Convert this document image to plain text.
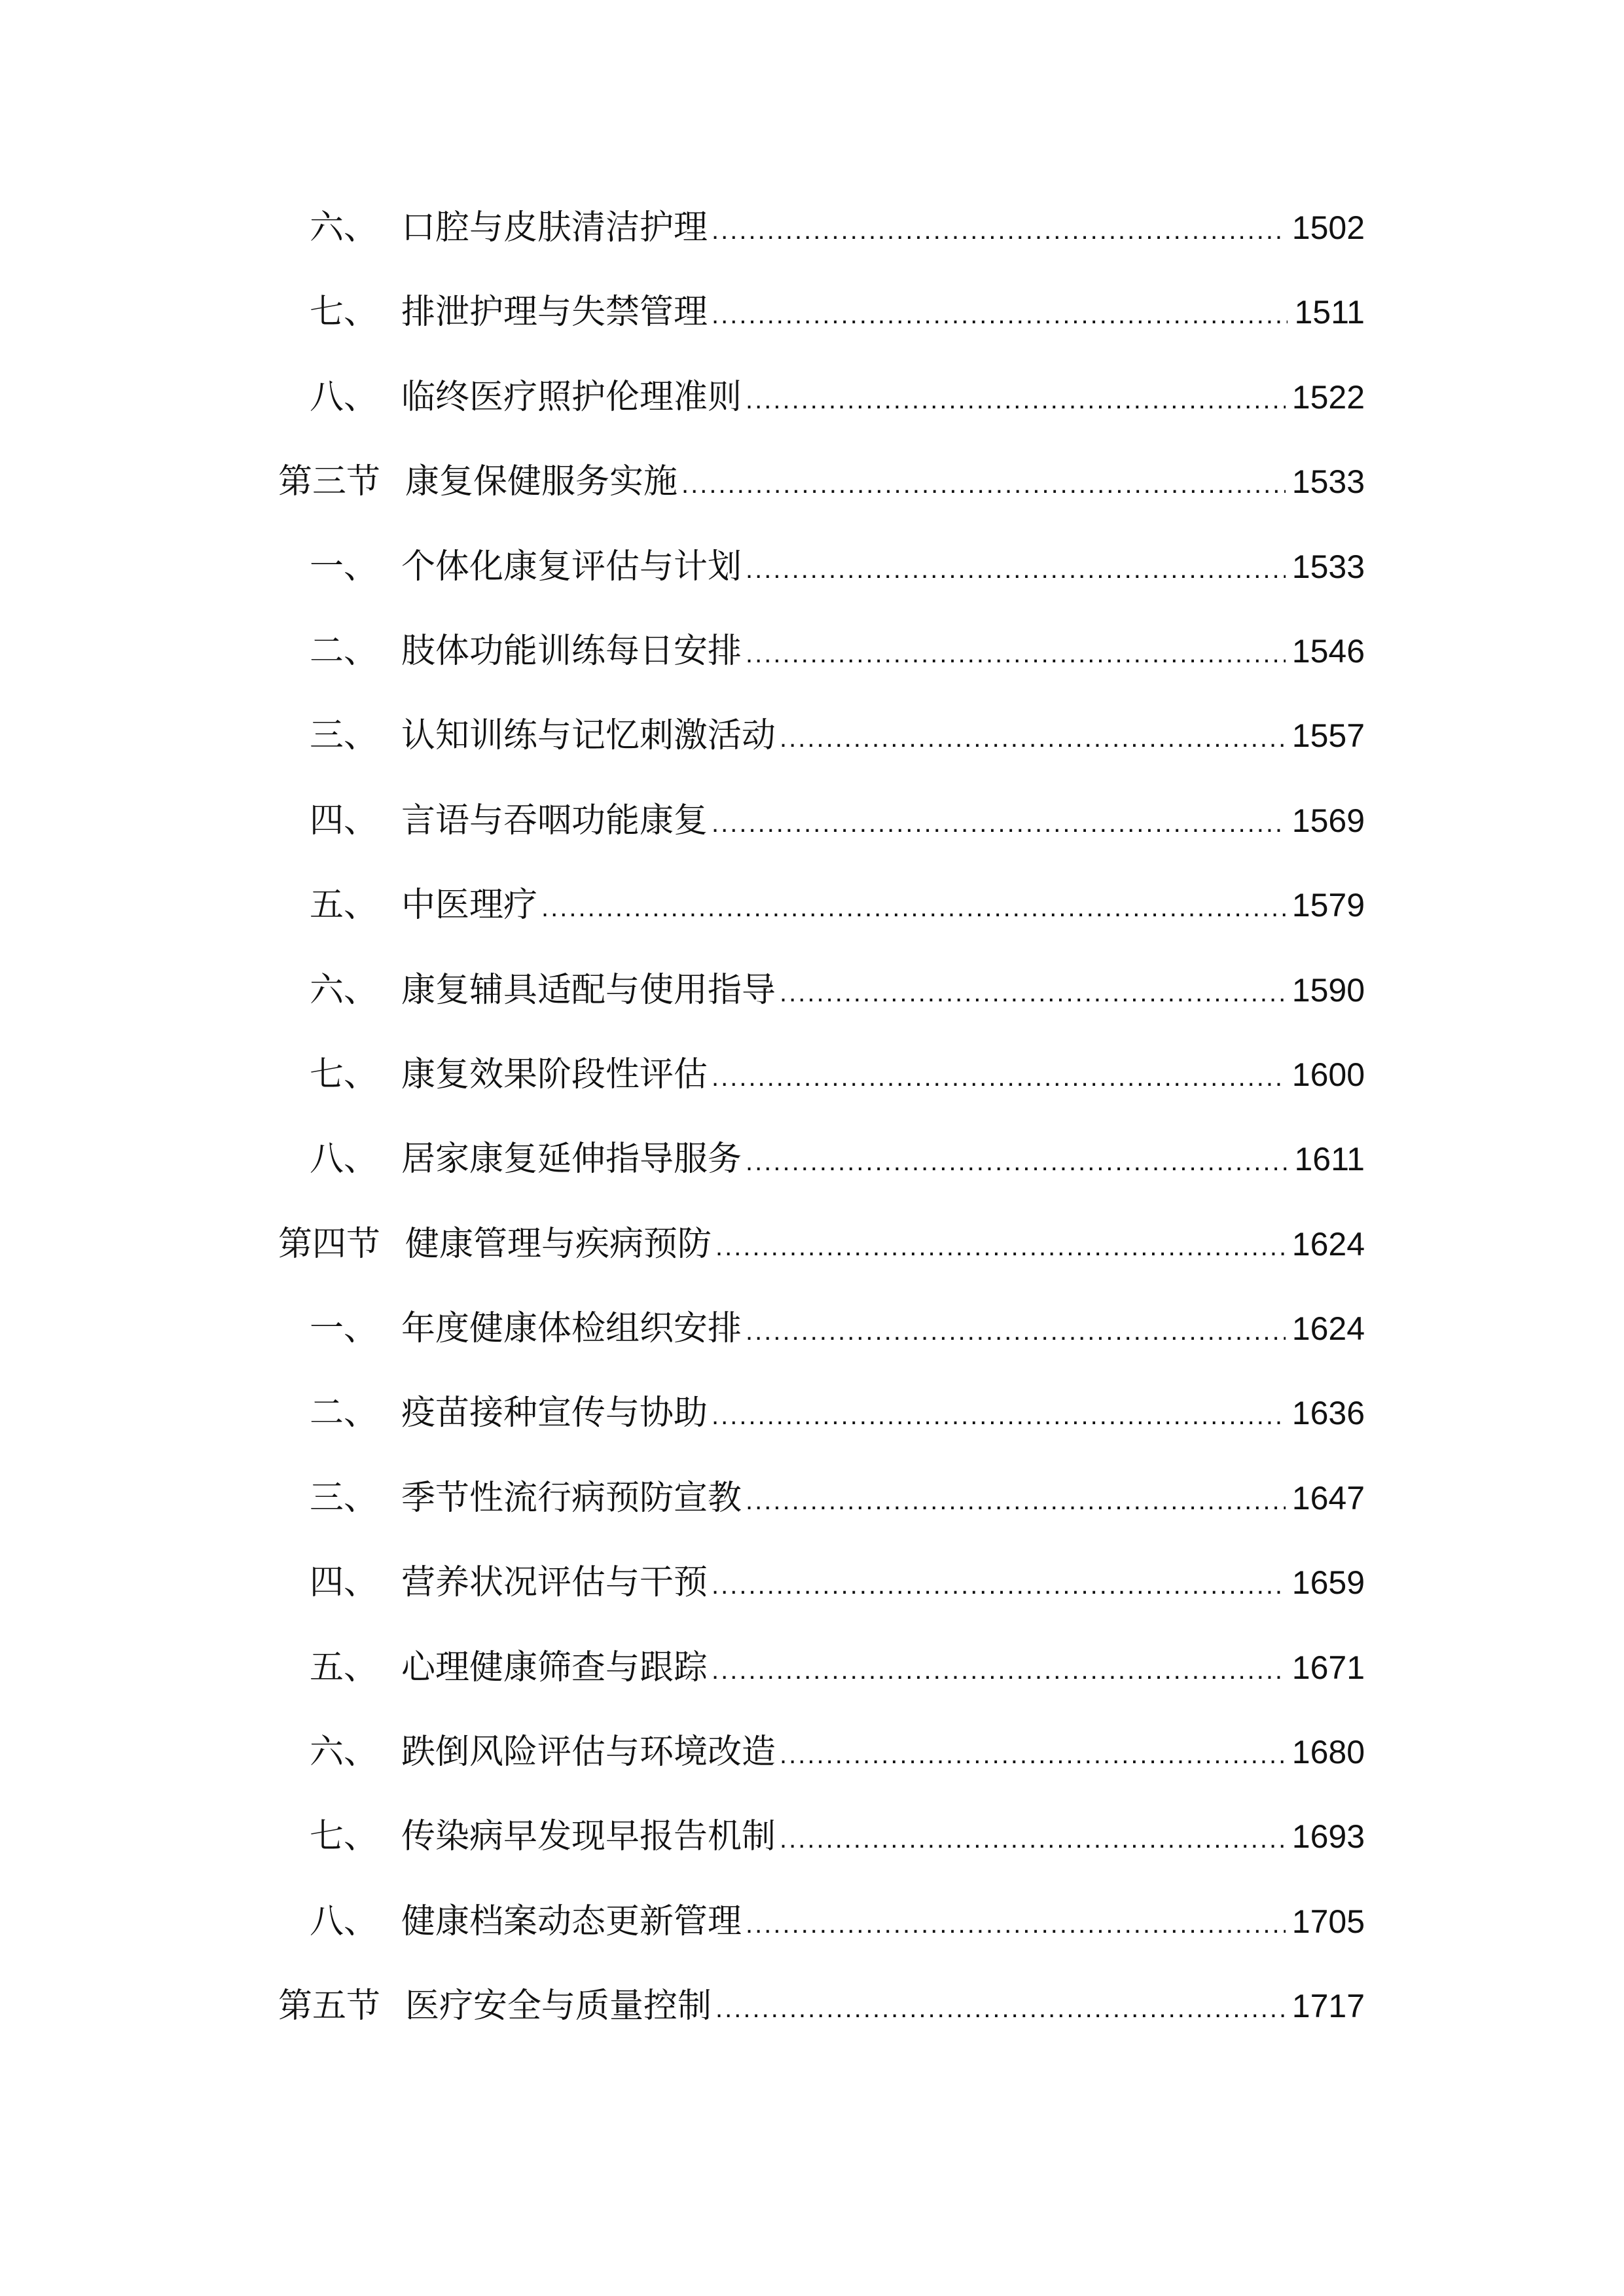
六、 口腔与皮肤清洁护理 .....	1502
七、 排泄护理与失禁管理 .....	1511
八、 临终医疗照护伦理准则 .....	1522
第三节 康复保健服务实施 .....	1533
一、 个体化康复评估与计划 .....	1533
二、 肢体功能训练每日安排 .....	1546
三、 认知训练与记忆刺激活动 .....	1557
四、 言语与吞咽功能康复 .....	1569
五、 中医理疗 .....	1579
六、 康复辅具适配与使用指导 .....	1590
七、 康复效果阶段性评估 .....	1600
八、 居家康复延伸指导服务 .....	1611
第四节 健康管理与疾病预防 .....	1624
一、 年度健康体检组织安排 .....	1624
二、 疫苗接种宣传与协助 .....	1636
三、 季节性流行病预防宣教 .....	1647
四、 营养状况评估与干预 .....	1659
五、 心理健康筛查与跟踪 .....	1671
六、 跌倒风险评估与环境改造 .....	1680
七、 传染病早发现早报告机制 .....	1693
八、 健康档案动态更新管理 .....	1705
第五节 医疗安全与质量控制 .....	1717
